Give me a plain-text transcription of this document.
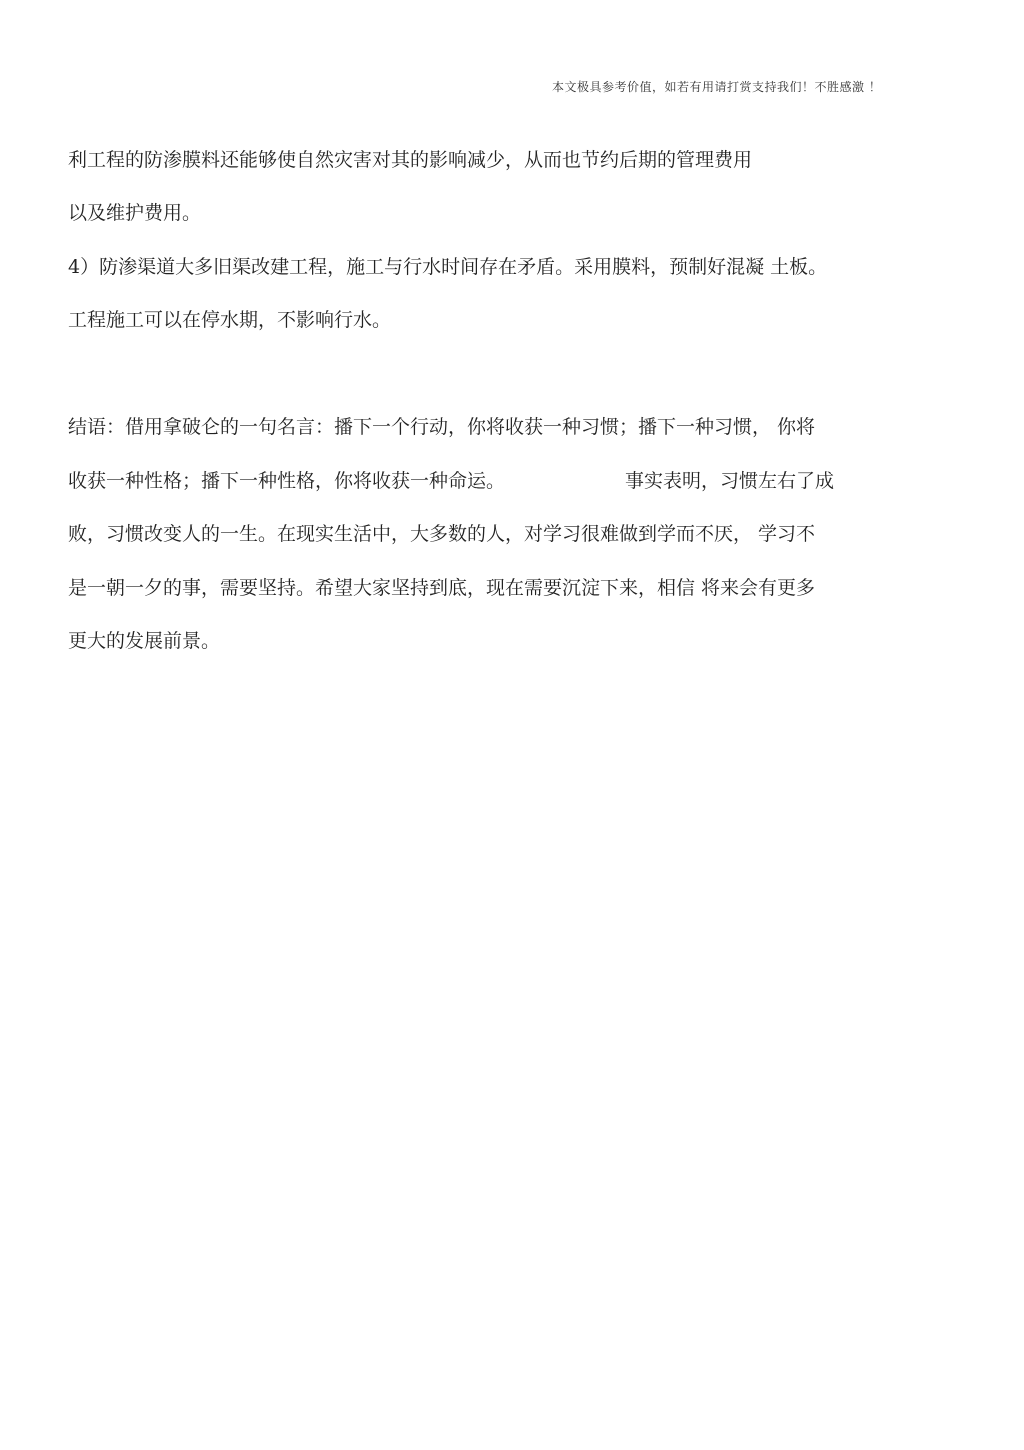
本文极具参考价值，如若有用请打赏支持我们！不胜感激 ！
利工程的防渗膜料还能够使自然灾害对其的影响减少，从而也节约后期的管理费用
以及维护费用。
4）防渗渠道大多旧渠改建工程，施工与行水时间存在矛盾。采用膜料，预制好混凝 土板。
工程施工可以在停水期，不影响行水。
结语：借用拿破仑的一句名言：播下一个行动，你将收获一种习惯；播下一种习惯， 你将
收获一种性格；播下一种性格，你将收获一种命运。	事实表明，习惯左右了成
败，习惯改变人的一生。在现实生活中，大多数的人，对学习很难做到学而不厌， 学习不
是一朝一夕的事，需要坚持。希望大家坚持到底，现在需要沉淀下来，相信 将来会有更多
更大的发展前景。
